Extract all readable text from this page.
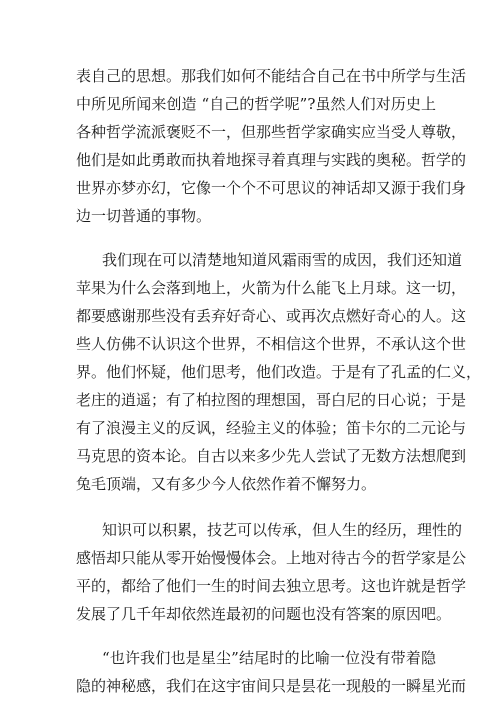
表自己的思想。那我们如何不能结合自己在书中所学与生活
中所见所闻来创造 “自己的哲学呢”?虽然人们对历史上
各种哲学流派褒贬不一，但那些哲学家确实应当受人尊敬，
他们是如此勇敢而执着地探寻着真理与实践的奥秘。哲学的
世界亦梦亦幻，它像一个个不可思议的神话却又源于我们身
边一切普通的事物。
我们现在可以清楚地知道风霜雨雪的成因，我们还知道
苹果为什么会落到地上，火箭为什么能飞上月球。这一切，
都要感谢那些没有丢弃好奇心、或再次点燃好奇心的人。这
些人仿佛不认识这个世界，不相信这个世界，不承认这个世
界。他们怀疑，他们思考，他们改造。于是有了孔孟的仁义，
老庄的逍遥；有了柏拉图的理想国，哥白尼的日心说；于是
有了浪漫主义的反讽，经验主义的体验；笛卡尔的二元论与
马克思的资本论。自古以来多少先人尝试了无数方法想爬到
兔毛顶端，又有多少今人依然作着不懈努力。
知识可以积累，技艺可以传承，但人生的经历，理性的
感悟却只能从零开始慢慢体会。上地对待古今的哲学家是公
平的，都给了他们一生的时间去独立思考。这也许就是哲学
发展了几千年却依然连最初的问题也没有答案的原因吧。
“也许我们也是星尘”结尾时的比喻一位没有带着隐
隐的神秘感，我们在这宇宙间只是昙花一现般的一瞬星光而
